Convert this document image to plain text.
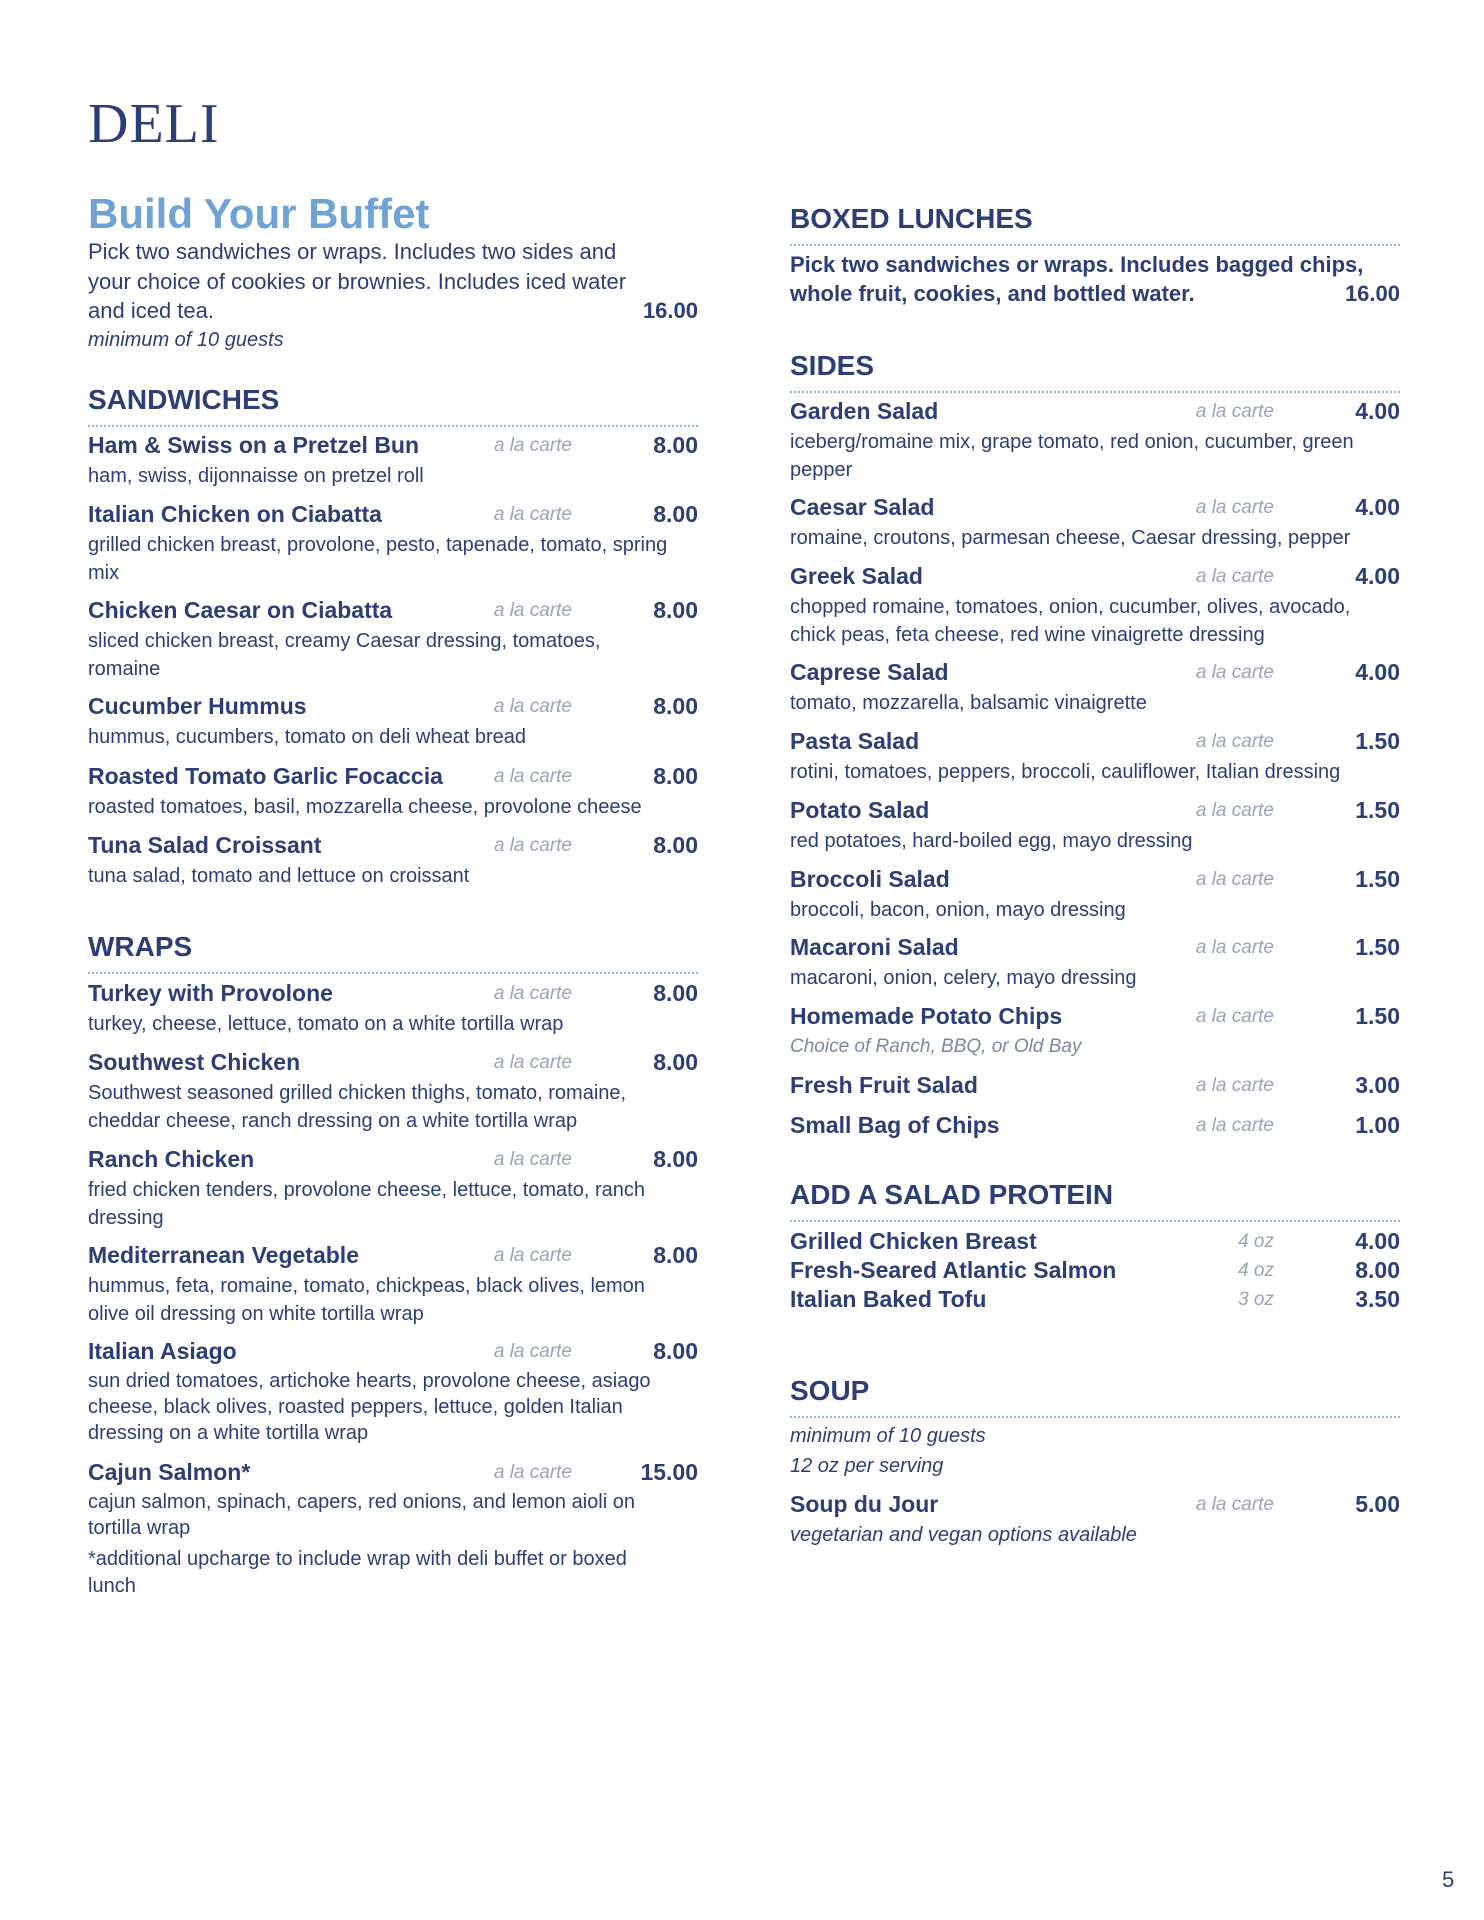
DELI
Build Your Buffet
Pick two sandwiches or wraps. Includes two sides and your choice of cookies or brownies. Includes iced water and iced tea.	16.00
minimum of 10 guests
SANDWICHES
Ham & Swiss on a Pretzel Bun	a la carte	8.00
ham, swiss, dijonnaisse on pretzel roll
Italian Chicken on Ciabatta	a la carte	8.00
grilled chicken breast, provolone, pesto, tapenade, tomato, spring mix
Chicken Caesar on Ciabatta	a la carte	8.00
sliced chicken breast, creamy Caesar dressing, tomatoes, romaine
Cucumber Hummus	a la carte	8.00
hummus, cucumbers, tomato on deli wheat bread
Roasted Tomato Garlic Focaccia	a la carte	8.00
roasted tomatoes, basil, mozzarella cheese, provolone cheese
Tuna Salad Croissant	a la carte	8.00
tuna salad, tomato and lettuce on croissant
WRAPS
Turkey with Provolone	a la carte	8.00
turkey, cheese, lettuce, tomato on a white tortilla wrap
Southwest Chicken	a la carte	8.00
Southwest seasoned grilled chicken thighs, tomato, romaine, cheddar cheese, ranch dressing on a white tortilla wrap
Ranch Chicken	a la carte	8.00
fried chicken tenders, provolone cheese, lettuce, tomato, ranch dressing
Mediterranean Vegetable	a la carte	8.00
hummus, feta, romaine, tomato, chickpeas, black olives, lemon olive oil dressing on white tortilla wrap
Italian Asiago	a la carte	8.00
sun dried tomatoes, artichoke hearts, provolone cheese, asiago cheese, black olives, roasted peppers, lettuce, golden Italian dressing on a white tortilla wrap
Cajun Salmon*	a la carte	15.00
cajun salmon, spinach, capers, red onions, and lemon aioli on tortilla wrap
*additional upcharge to include wrap with deli buffet or boxed lunch
BOXED LUNCHES
Pick two sandwiches or wraps. Includes bagged chips, whole fruit, cookies, and bottled water.	16.00
SIDES
Garden Salad	a la carte	4.00
iceberg/romaine mix, grape tomato, red onion, cucumber, green pepper
Caesar Salad	a la carte	4.00
romaine, croutons, parmesan cheese, Caesar dressing, pepper
Greek Salad	a la carte	4.00
chopped romaine, tomatoes, onion, cucumber, olives, avocado, chick peas, feta cheese, red wine vinaigrette dressing
Caprese Salad	a la carte	4.00
tomato, mozzarella, balsamic vinaigrette
Pasta Salad	a la carte	1.50
rotini, tomatoes, peppers, broccoli, cauliflower, Italian dressing
Potato Salad	a la carte	1.50
red potatoes, hard-boiled egg, mayo dressing
Broccoli Salad	a la carte	1.50
broccoli, bacon, onion, mayo dressing
Macaroni Salad	a la carte	1.50
macaroni, onion, celery, mayo dressing
Homemade Potato Chips	a la carte	1.50
Choice of Ranch, BBQ, or Old Bay
Fresh Fruit Salad	a la carte	3.00
Small Bag of Chips	a la carte	1.00
ADD A SALAD PROTEIN
Grilled Chicken Breast	4 oz	4.00
Fresh-Seared Atlantic Salmon	4 oz	8.00
Italian Baked Tofu	3 oz	3.50
SOUP
minimum of 10 guests
12 oz per serving
Soup du Jour	a la carte	5.00
vegetarian and vegan options available
5
